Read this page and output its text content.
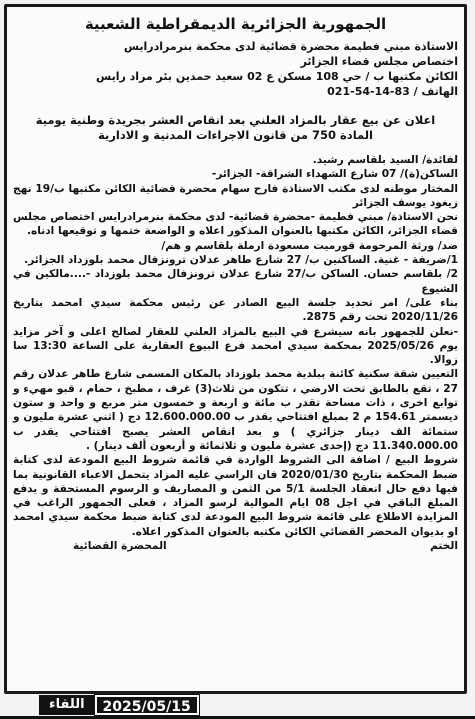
الجمهورية الجزائرية الديمقراطية الشعبية

الاستاذة مبني فطيمة محضرة قضائية لدى محكمة بنرمرادرايس

اختصاص مجلس قضاء الجزائر

الكائن مكتبها ب / حي 108 مسكن ع 02 سعيد حمدين بئر مراد رايس

الهاتف / 83-14-54-021

اعلان عن بيع عقار بالمزاد العلني بعد انقاص العشر بجريدة وطنية يومية

المادة 750 من قانون الاجراءات المدنية و الادارية

لفائدة/ السيد بلقاسم رشيد.

الساكن(ة)/ 07 شارع الشهداء الشراقة- الجزائر-

المختار موطنه لدى مكتب الاستاذة فارح سهام محضرة قضائية الكائن مكتبها ب/19 نهج زيغود يوسف الجزائر

نحن الاستاذة/ مبني فطيمة -محضرة قضائية- لدى محكمة بنرمرادرايس اختصاص مجلس قضاء الجزائر، الكائن مكتبها بالعنوان المذكور اعلاه و الواضعة ختمها و توقيعها ادناه.

ضد/ ورثة المرحومة قورميت مسعودة ارملة بلقاسم و هم/

1/ضريفة - غنية. الساكنين ب/ 27 شارع طاهر عدلان ترونزفال محمد بلوزداد الجزائر.

2/ بلقاسم حسان. الساكن ب/27 شارع عدلان ترونزفال محمد بلوزداد -....مالكين في الشيوع

بناء على/ امر تحديد جلسة البيع الصادر عن رئيس محكمة سيدي امحمد بتاريخ 2020/11/26 تحت رقم 2875.

-نعلن للجمهور بانه سيشرع في البيع بالمزاد العلني للعقار لصالح اعلى و آخر مزايد يوم 2025/05/26 بمحكمة سيدي امحمد فرع البيوع العقارية على الساعة 13:30 سا زوالا.

التعيين شقة سكنية كائنة ببلدية محمد بلوزداد بالمكان المسمى شارع طاهر عدلان رقم 27 ، تقع بالطابق تحت الارضي ، تتكون من ثلاث(3) غرف ، مطبخ ، حمام ، قبو مهيء و توابع اخرى ، ذات مساحة تقدر ب مائة و اربعة و خمسون متر مربع و واحد و ستون ديسمتر 154.61 م 2 بمبلغ افتتاحي يقدر ب 12.600.000.00 دج ( اثني عشرة مليون و ستمائة الف دينار جزائري ) و بعد انقاص العشر يصبح افتتاحي يقدر ب 11.340.000.00 دج (إحدى عشرة مليون و ثلاثمائة و أربعون ألف دينار) .

شروط البيع / اضافة الى الشروط الواردة في قائمة شروط البيع المودعة لدى كتابة ضبط المحكمة بتاريخ 2020/01/30 فان الراسي عليه المزاد يتحمل الاعباء القانونية بما فيها دفع حال انعقاد الجلسة 5/1 من الثمن و المصاريف و الرسوم المستحقة و يدفع المبلغ الباقي في اجل 08 ايام الموالية لرسو المزاد ، فعلى الجمهور الراغب في المزايدة الاطلاع على قائمة شروط البيع المودعة لدى كتابة ضبط محكمة سيدي امحمد او بديوان المحضر القضائي الكائن مكتبه بالعنوان المذكور اعلاه.

الختم
المحضرة القضائية
اللقاء	2025/05/15
